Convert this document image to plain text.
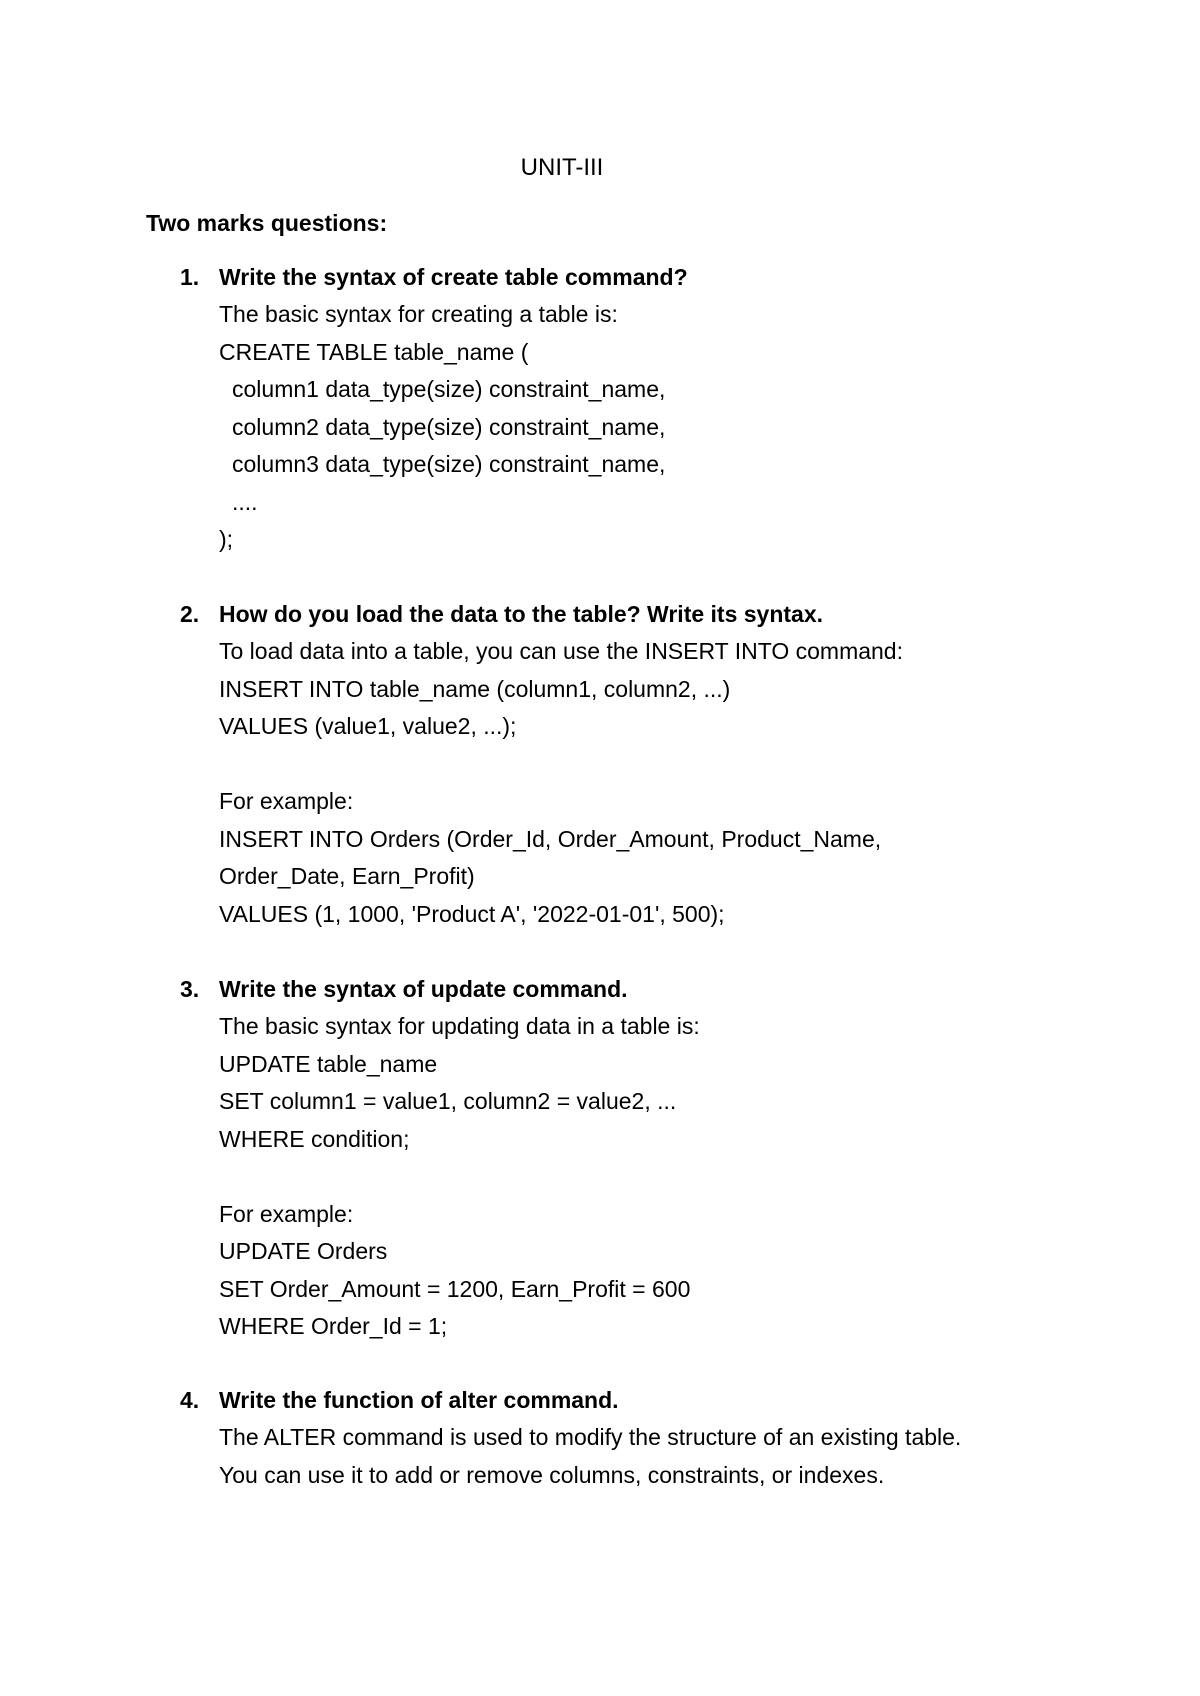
UNIT-III
Two marks questions:
1. Write the syntax of create table command?
The basic syntax for creating a table is:
CREATE TABLE table_name (
column1 data_type(size) constraint_name,
column2 data_type(size) constraint_name,
column3 data_type(size) constraint_name,
....
);
2. How do you load the data to the table? Write its syntax.
To load data into a table, you can use the INSERT INTO command:
INSERT INTO table_name (column1, column2, ...)
VALUES (value1, value2, ...);
For example:
INSERT INTO Orders (Order_Id, Order_Amount, Product_Name,
Order_Date, Earn_Profit)
VALUES (1, 1000, 'Product A', '2022-01-01', 500);
3. Write the syntax of update command.
The basic syntax for updating data in a table is:
UPDATE table_name
SET column1 = value1, column2 = value2, ...
WHERE condition;
For example:
UPDATE Orders
SET Order_Amount = 1200, Earn_Profit = 600
WHERE Order_Id = 1;
4. Write the function of alter command.
The ALTER command is used to modify the structure of an existing table.
You can use it to add or remove columns, constraints, or indexes.
